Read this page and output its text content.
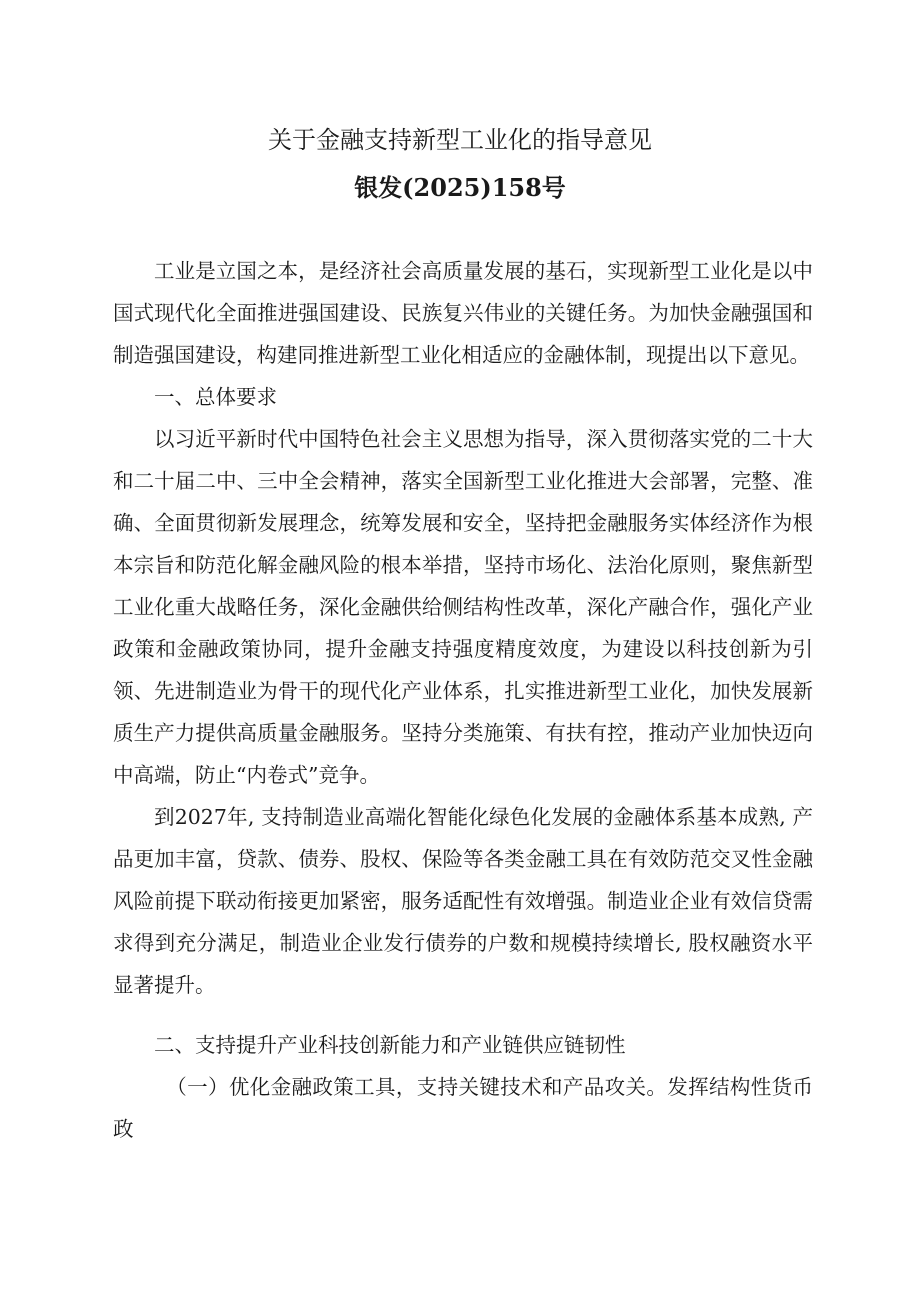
关于金融支持新型工业化的指导意见
银发(2025)158号

工业是立国之本，是经济社会高质量发展的基石，实现新型工业化是以中国式现代化全面推进强国建设、民族复兴伟业的关键任务。为加快金融强国和制造强国建设，构建同推进新型工业化相适应的金融体制，现提出以下意见。

一、总体要求

以习近平新时代中国特色社会主义思想为指导，深入贯彻落实党的二十大和二十届二中、三中全会精神，落实全国新型工业化推进大会部署，完整、准确、全面贯彻新发展理念，统筹发展和安全，坚持把金融服务实体经济作为根本宗旨和防范化解金融风险的根本举措，坚持市场化、法治化原则，聚焦新型工业化重大战略任务，深化金融供给侧结构性改革，深化产融合作，强化产业政策和金融政策协同，提升金融支持强度精度效度，为建设以科技创新为引领、先进制造业为骨干的现代化产业体系，扎实推进新型工业化，加快发展新质生产力提供高质量金融服务。坚持分类施策、有扶有控，推动产业加快迈向中高端，防止“内卷式”竞争。

到2027年, 支持制造业高端化智能化绿色化发展的金融体系基本成熟, 产品更加丰富，贷款、债券、股权、保险等各类金融工具在有效防范交叉性金融风险前提下联动衔接更加紧密，服务适配性有效增强。制造业企业有效信贷需求得到充分满足，制造业企业发行债券的户数和规模持续增长, 股权融资水平显著提升。

二、支持提升产业科技创新能力和产业链供应链韧性

（一）优化金融政策工具，支持关键技术和产品攻关。发挥结构性货币政
